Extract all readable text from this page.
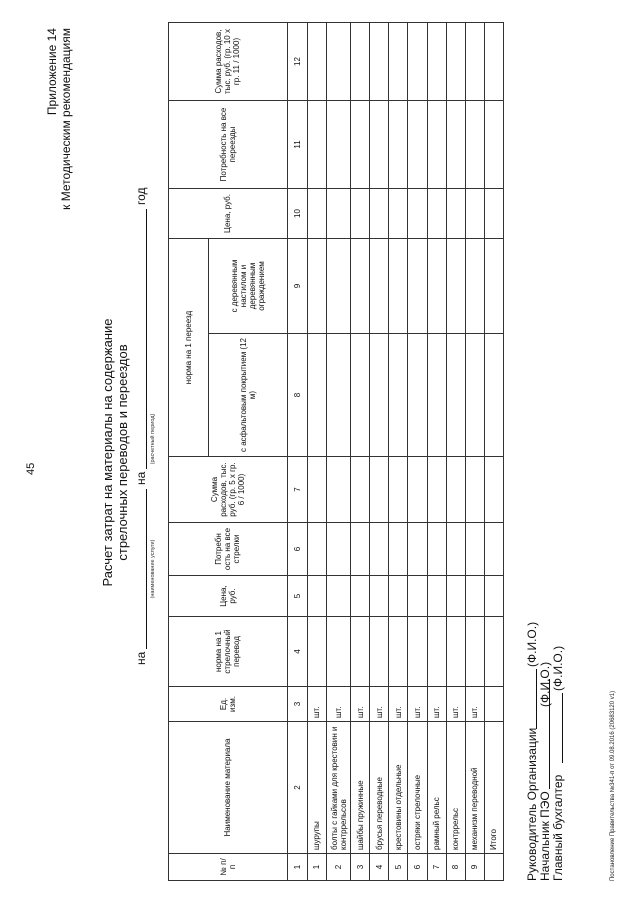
45
Приложение 14 к Методическим рекомендациям
Расчет затрат на материалы на содержание стрелочных переводов и переездов
на
(наименование услуги)
на
(расчетный период)
год
№ п/п	Наименование материала	Ед. изм.	норма на 1 стрелочный перевод	Цена, руб.	Потребн ость на все стрелки	Сумма расходов, тыс. руб. (гр. 5 х гр. 6 / 1000)	норма на 1 переезд		Цена, руб.	Потребность на все переезды	Сумма расходов, тыс. руб. (гр. 10 х гр. 11 / 1000)
							с асфальтовым покрытием (12 м)	с деревянным настилом и деревянным ограждением			
1	2	3	4	5	6	7	8	9	10	11	12
1	шурупы	шт.									
2	болты с гайками для крестовин и контррельсов	шт.									
3	шайбы пружинные	шт.									
4	брусья переводные	шт.									
5	крестовины отдельные	шт.									
6	остряки стрелочные	шт.									
7	рамный рельс	шт.									
8	контррельс	шт.									
9	механизм переводной	шт.									
	Итого										Руководитель Организации
(Ф.И.О.)
Начальник ПЭО
(Ф.И.О.)
Главный бухгалтер
(Ф.И.О.)
Постановление Правительства №341-п от 09.08.2016 (20683120 v1)
